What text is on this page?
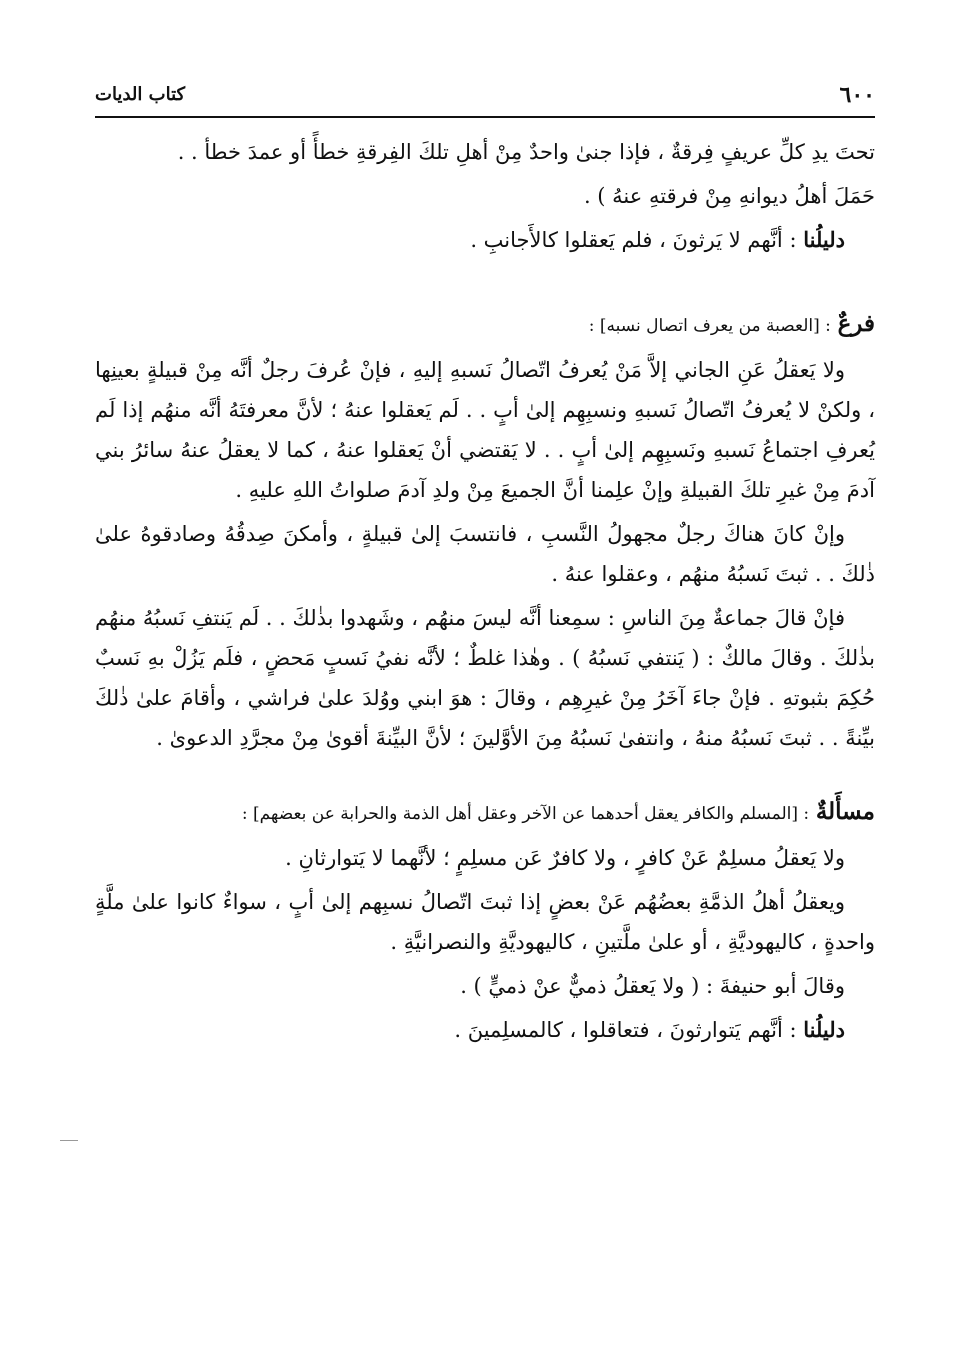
٦٠٠
كتاب الديات

تحتَ يدِ كلِّ عريفٍ فِرقةٌ ، فإذا جنىٰ واحدٌ مِنْ أهلِ تلكَ الفِرقةِ خطأً أو عمدَ خطأ . .

حَمَلَ أهلُ ديوانهِ مِنْ فرقتهِ عنهُ ) .

دليلُنا : أنَّهم لا يَرثونَ ، فلم يَعقلوا كالأَجانبِ .

فرعٌ : [العصبة من يعرف اتصال نسبه] :

ولا يَعقلُ عَنِ الجاني إلاَّ مَنْ يُعرفُ اتّصالُ نَسبهِ إليهِ ، فإنْ عُرفَ رجلٌ أنَّه مِنْ قبيلةٍ بعينِها ، ولكنْ لا يُعرفُ اتّصالُ نَسبهِ ونسبِهِم إلىٰ أبٍ . . لَم يَعقلوا عنهُ ؛ لأنَّ معرفتَهُ أنَّه منهُم إذا لَم يُعرفِ اجتماعُ نَسبهِ ونَسبِهِم إلىٰ أبٍ . . لا يَقتضي أنْ يَعقلوا عنهُ ، كما لا يعقلُ عنهُ سائرُ بني آدمَ مِنْ غيرِ تلكَ القبيلةِ وإنْ علِمنا أنَّ الجميعَ مِنْ ولدِ آدمَ صلواتُ اللهِ عليهِ .

وإنْ كانَ هناكَ رجلٌ مجهولُ النَّسبِ ، فانتسبَ إلىٰ قبيلةٍ ، وأمكنَ صِدقُهُ وصادقوهُ علىٰ ذٰلكَ . . ثبتَ نَسبُهُ منهُم ، وعقلوا عنهُ .

فإنْ قالَ جماعةٌ مِنَ الناسِ : سمِعنا أنَّه ليسَ منهُم ، وشَهدوا بذٰلكَ . . لَم يَنتفِ نَسبُهُ منهُم بذٰلكَ . وقالَ مالكٌ : ( يَنتفي نَسبُهُ ) . وهٰذا غلطٌ ؛ لأنَّه نفيُ نَسبٍ مَحضٍ ، فلَم يَزُلْ بهِ نَسبٌ حُكِمَ بثبوتهِ . فإنْ جاءَ آخَرُ مِنْ غيرِهِم ، وقالَ : هوَ ابني ووُلدَ علىٰ فراشي ، وأقامَ علىٰ ذٰلكَ بيِّنةً . . ثبتَ نَسبُهُ منهُ ، وانتفىٰ نَسبُهُ مِنَ الأوَّلينَ ؛ لأنَّ البيِّنةَ أقوىٰ مِنْ مجرَّدِ الدعوىٰ .

مسأَلةٌ : [المسلم والكافر يعقل أحدهما عن الآخر وعقل أهل الذمة والحرابة عن بعضهم] :

ولا يَعقلُ مسلِمٌ عَنْ كافرٍ ، ولا كافرٌ عَن مسلِمٍ ؛ لأنَّهما لا يَتوارثانِ .

ويعقلُ أهلُ الذمَّةِ بعضُهُم عَنْ بعضٍ إذا ثبتَ اتّصالُ نسبِهم إلىٰ أبٍ ، سواءٌ كانوا علىٰ ملَّةٍ واحدةٍ ، كاليهوديَّةِ ، أو علىٰ ملَّتينِ ، كاليهوديَّةِ والنصرانيَّةِ .

وقالَ أبو حنيفةَ : ( ولا يَعقلُ ذميٌّ عنْ ذميٍّ ) .

دليلُنا : أنَّهم يَتوارثونَ ، فتعاقلوا ، كالمسلِمينَ .
